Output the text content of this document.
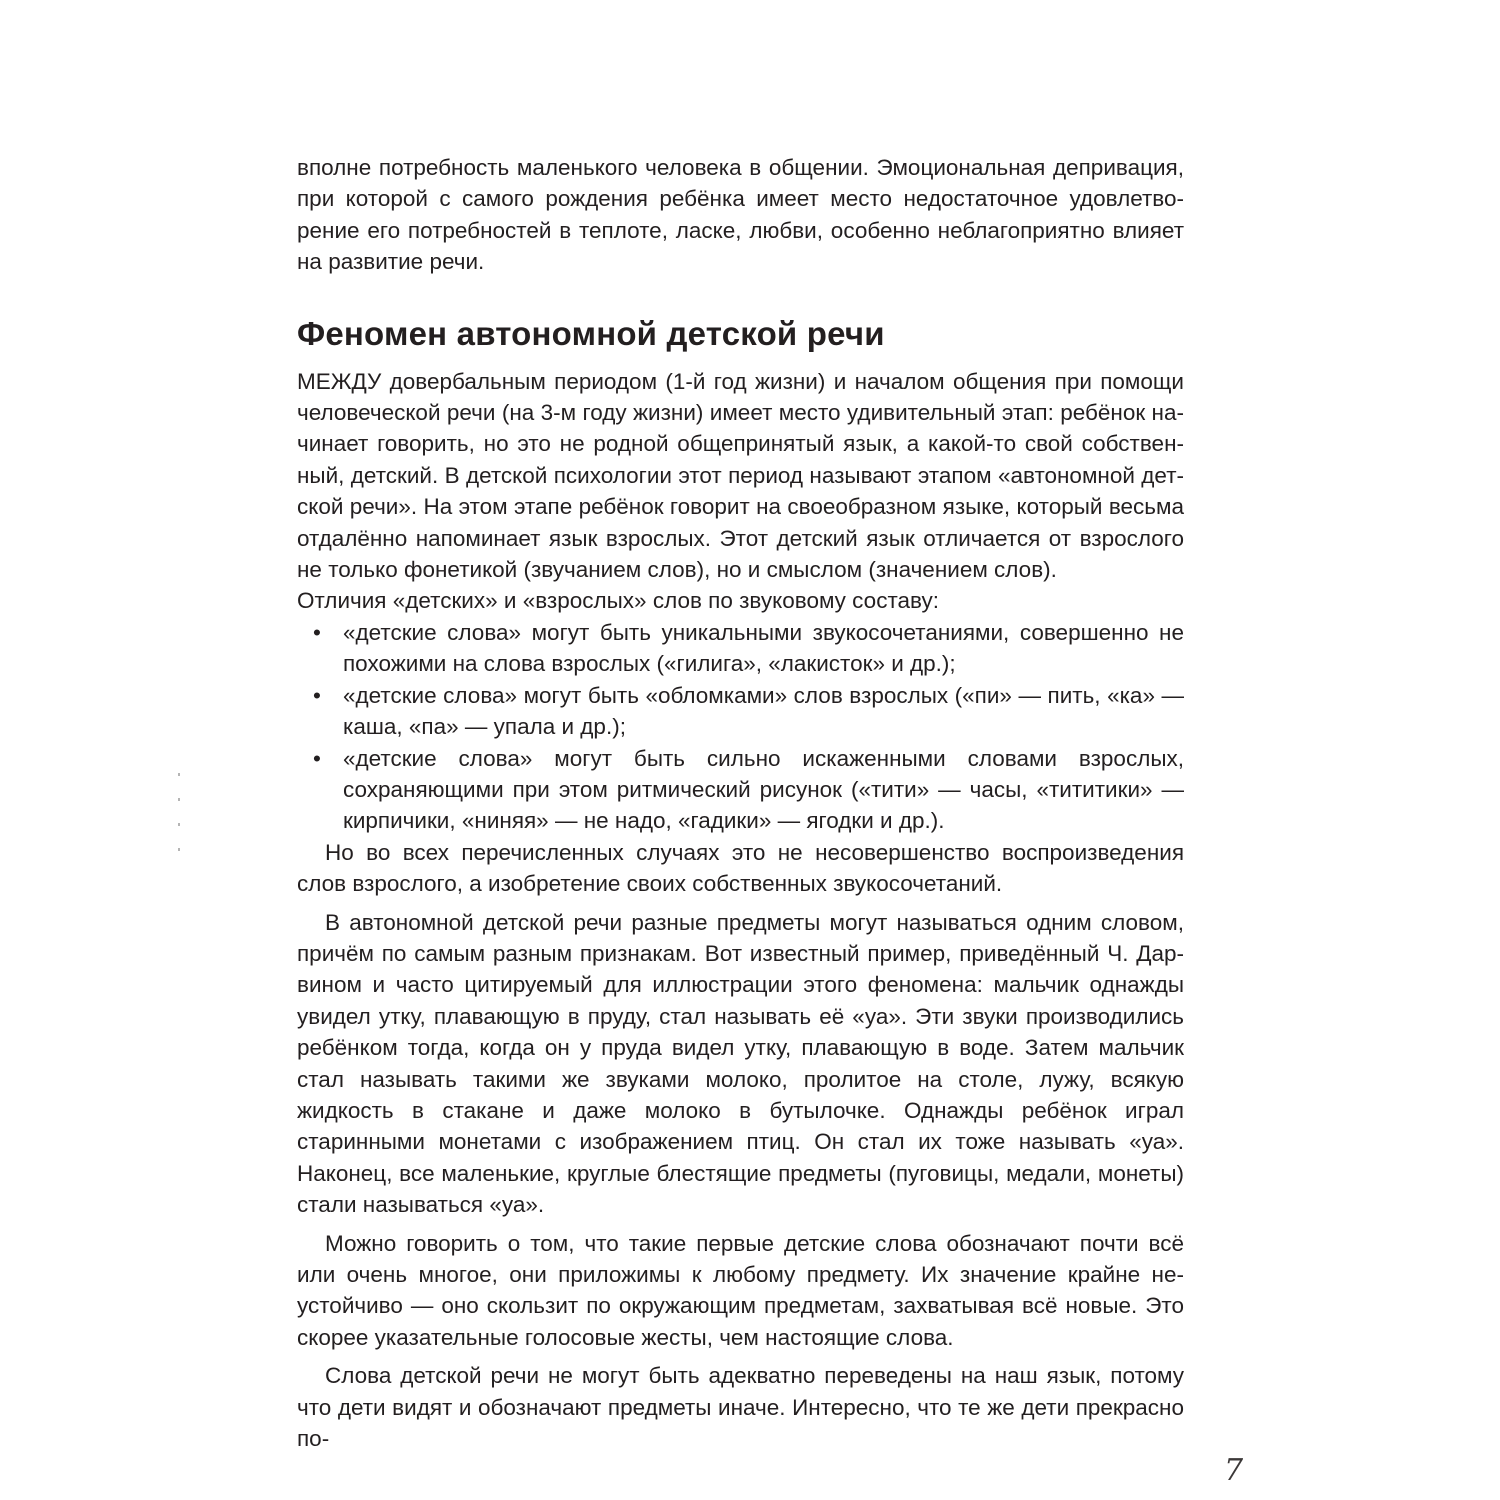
вполне потребность маленького человека в общении. Эмоциональная депривация, при которой с самого рождения ребёнка имеет место недостаточное удовлетворение его потребностей в теплоте, ласке, любви, особенно неблагоприятно влияет на развитие речи.

Феномен автономной детской речи

МЕЖДУ довербальным периодом (1-й год жизни) и началом общения при помощи человеческой речи (на 3-м году жизни) имеет место удивительный этап: ребёнок начинает говорить, но это не родной общепринятый язык, а какой-то свой собственный, детский. В детской психологии этот период называют этапом «автономной детской речи». На этом этапе ребёнок говорит на своеобразном языке, который весьма отдалённо напоминает язык взрослых. Этот детский язык отличается от взрослого не только фонетикой (звучанием слов), но и смыслом (значением слов).

Отличия «детских» и «взрослых» слов по звуковому составу:

• «детские слова» могут быть уникальными звукосочетаниями, совершенно не похожими на слова взрослых («гилига», «лакисток» и др.);
• «детские слова» могут быть «обломками» слов взрослых («пи» — пить, «ка» — каша, «па» — упала и др.);
• «детские слова» могут быть сильно искаженными словами взрослых, сохраняющими при этом ритмический рисунок («тити» — часы, «тититики» — кирпичики, «ниняя» — не надо, «гадики» — ягодки и др.).

Но во всех перечисленных случаях это не несовершенство воспроизведения слов взрослого, а изобретение своих собственных звукосочетаний.

В автономной детской речи разные предметы могут называться одним словом, причём по самым разным признакам. Вот известный пример, приведённый Ч. Дарвином и часто цитируемый для иллюстрации этого феномена: мальчик однажды увидел утку, плавающую в пруду, стал называть её «уа». Эти звуки производились ребёнком тогда, когда он у пруда видел утку, плавающую в воде. Затем мальчик стал называть такими же звуками молоко, пролитое на столе, лужу, всякую жидкость в стакане и даже молоко в бутылочке. Однажды ребёнок играл старинными монетами с изображением птиц. Он стал их тоже называть «уа». Наконец, все маленькие, круглые блестящие предметы (пуговицы, медали, монеты) стали называться «уа».

Можно говорить о том, что такие первые детские слова обозначают почти всё или очень многое, они приложимы к любому предмету. Их значение крайне неустойчиво — оно скользит по окружающим предметам, захватывая всё новые. Это скорее указательные голосовые жесты, чем настоящие слова.

Слова детской речи не могут быть адекватно переведены на наш язык, потому что дети видят и обозначают предметы иначе. Интересно, что те же дети прекрасно по-

7
